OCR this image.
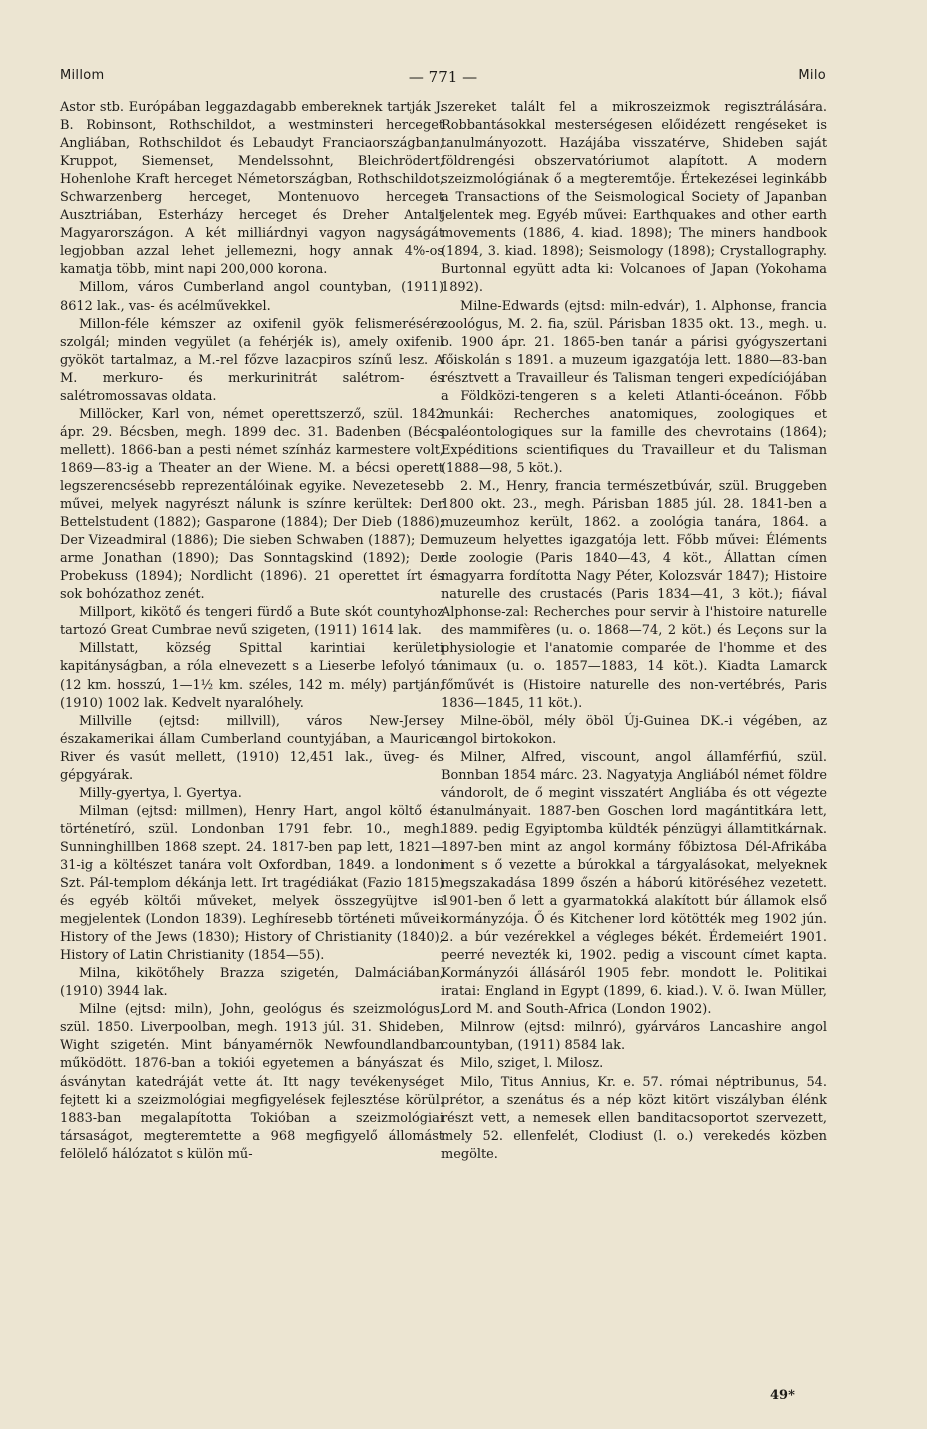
Millom	— 771 —	Milo

Astor stb. Európában leggazdagabb embereknek tartják J. B. Robinsont, Rothschildot, a westminsteri herceget Angliában, Rothschildot és Lebaudyt Franciaországban, Kruppot, Siemenset, Mendelssohnt, Bleichrödert, Hohenlohe Kraft herceget Németországban, Rothschildot, Schwarzenberg herceget, Montenuovo herceget Ausztriában, Esterházy herceget és Dreher Antalt Magyarországon. A két milliárdnyi vagyon nagyságát legjobban azzal lehet jellemezni, hogy annak 4%-os kamatja több, mint napi 200,000 korona.

Millom, város Cumberland angol countyban, (1911) 8612 lak., vas- és acélművekkel.

Millon-féle kémszer az oxifenil gyök felismerésére szolgál; minden vegyület (a fehérjék is), amely oxifenil gyököt tartalmaz, a M.-rel főzve lazacpiros színű lesz. A M. merkuro- és merkurinitrát salétrom- és salétromossavas oldata.

Millöcker, Karl von, német operettszerző, szül. 1842 ápr. 29. Bécsben, megh. 1899 dec. 31. Badenben (Bécs mellett). 1866-ban a pesti német színház karmestere volt, 1869—83-ig a Theater an der Wiene. M. a bécsi operett legszerencsésebb reprezentálóinak egyike. Nevezetesebb művei, melyek nagyrészt nálunk is színre kerültek: Der Bettelstudent (1882); Gasparone (1884); Der Dieb (1886); Der Vizeadmiral (1886); Die sieben Schwaben (1887); Der arme Jonathan (1890); Das Sonntagskind (1892); Der Probekuss (1894); Nordlicht (1896). 21 operettet írt és sok bohózathoz zenét.

Millport, kikötő és tengeri fürdő a Bute skót countyhoz tartozó Great Cumbrae nevű szigeten, (1911) 1614 lak.

Millstatt, község Spittal karintiai kerületi kapitányságban, a róla elnevezett s a Lieserbe lefolyó tó (12 km. hosszú, 1—1½ km. széles, 142 m. mély) partján, (1910) 1002 lak. Kedvelt nyaralóhely.

Millville (ejtsd: millvill), város New-Jersey északamerikai állam Cumberland countyjában, a Maurice River és vasút mellett, (1910) 12,451 lak., üveg- és gépgyárak.

Milly-gyertya, l. Gyertya.

Milman (ejtsd: millmen), Henry Hart, angol költő és történetíró, szül. Londonban 1791 febr. 10., megh. Sunninghillben 1868 szept. 24. 1817-ben pap lett, 1821—31-ig a költészet tanára volt Oxfordban, 1849. a londoni Szt. Pál-templom dékánja lett. Irt tragédiákat (Fazio 1815) és egyéb költői műveket, melyek összegyüjtve is megjelentek (London 1839). Leghíresebb történeti művei: History of the Jews (1830); History of Christianity (1840); History of Latin Christianity (1854—55).

Milna, kikötőhely Brazza szigetén, Dalmáciában, (1910) 3944 lak.

Milne (ejtsd: miln), John, geológus és szeizmológus, szül. 1850. Liverpoolban, megh. 1913 júl. 31. Shideben, Wight szigetén. Mint bányamérnök Newfoundlandban működött. 1876-ban a tokiói egyetemen a bányászat és ásványtan katedráját vette át. Itt nagy tevékenységet fejtett ki a szeizmológiai megfigyelések fejlesztése körül. 1883-ban megalapította Tokióban a szeizmológiai társaságot, megteremtette a 968 megfigyelő állomást felölelő hálózatot s külön mű-

szereket talált fel a mikroszeizmok regisztrálására. Robbantásokkal mesterségesen előidézett rengéseket is tanulmányozott. Hazájába visszatérve, Shideben saját földrengési obszervatóriumot alapított. A modern szeizmológiának ő a megteremtője. Értekezései leginkább a Transactions of the Seismological Society of Japanban jelentek meg. Egyéb művei: Earthquakes and other earth movements (1886, 4. kiad. 1898); The miners handbook (1894, 3. kiad. 1898); Seismology (1898); Crystallography. Burtonnal együtt adta ki: Volcanoes of Japan (Yokohama 1892).

Milne-Edwards (ejtsd: miln-edvár), 1. Alphonse, francia zoológus, M. 2. fia, szül. Párisban 1835 okt. 13., megh. u. o. 1900 ápr. 21. 1865-ben tanár a párisi gyógyszertani főiskolán s 1891. a muzeum igazgatója lett. 1880—83-ban résztvett a Travailleur és Talisman tengeri expedíciójában a Földközi-tengeren s a keleti Atlanti-óceánon. Főbb munkái: Recherches anatomiques, zoologiques et paléontologiques sur la famille des chevrotains (1864); Expéditions scientifiques du Travailleur et du Talisman (1888—98, 5 köt.).

2. M., Henry, francia természetbúvár, szül. Bruggeben 1800 okt. 23., megh. Párisban 1885 júl. 28. 1841-ben a muzeumhoz került, 1862. a zoológia tanára, 1864. a muzeum helyettes igazgatója lett. Főbb művei: Éléments de zoologie (Paris 1840—43, 4 köt., Állattan címen magyarra fordította Nagy Péter, Kolozsvár 1847); Histoire naturelle des crustacés (Paris 1834—41, 3 köt.); fiával Alphonse-zal: Recherches pour servir à l'histoire naturelle des mammifères (u. o. 1868—74, 2 köt.) és Leçons sur la physiologie et l'anatomie comparée de l'homme et des animaux (u. o. 1857—1883, 14 köt.). Kiadta Lamarck főművét is (Histoire naturelle des non-vertébrés, Paris 1836—1845, 11 köt.).

Milne-öböl, mély öböl Új-Guinea DK.-i végében, az angol birtokokon.

Milner, Alfred, viscount, angol államférfiú, szül. Bonnban 1854 márc. 23. Nagyatyja Angliából német földre vándorolt, de ő megint visszatért Angliába és ott végezte tanulmányait. 1887-ben Goschen lord magántitkára lett, 1889. pedig Egyiptomba küldték pénzügyi államtitkárnak. 1897-ben mint az angol kormány főbiztosa Dél-Afrikába ment s ő vezette a búrokkal a tárgyalásokat, melyeknek megszakadása 1899 őszén a háború kitöréséhez vezetett. 1901-ben ő lett a gyarmatokká alakított búr államok első kormányzója. Ő és Kitchener lord kötötték meg 1902 jún. 2. a búr vezérekkel a végleges békét. Érdemeiért 1901. peerré nevezték ki, 1902. pedig a viscount címet kapta. Kormányzói állásáról 1905 febr. mondott le. Politikai iratai: England in Egypt (1899, 6. kiad.). V. ö. Iwan Müller, Lord M. and South-Africa (London 1902).

Milnrow (ejtsd: milnró), gyárváros Lancashire angol countyban, (1911) 8584 lak.

Milo, sziget, l. Milosz.

Milo, Titus Annius, Kr. e. 57. római néptribunus, 54. prétor, a szenátus és a nép közt kitört viszályban élénk részt vett, a nemesek ellen banditacsoportot szervezett, mely 52. ellenfelét, Clodiust (l. o.) verekedés közben megölte.

49*
